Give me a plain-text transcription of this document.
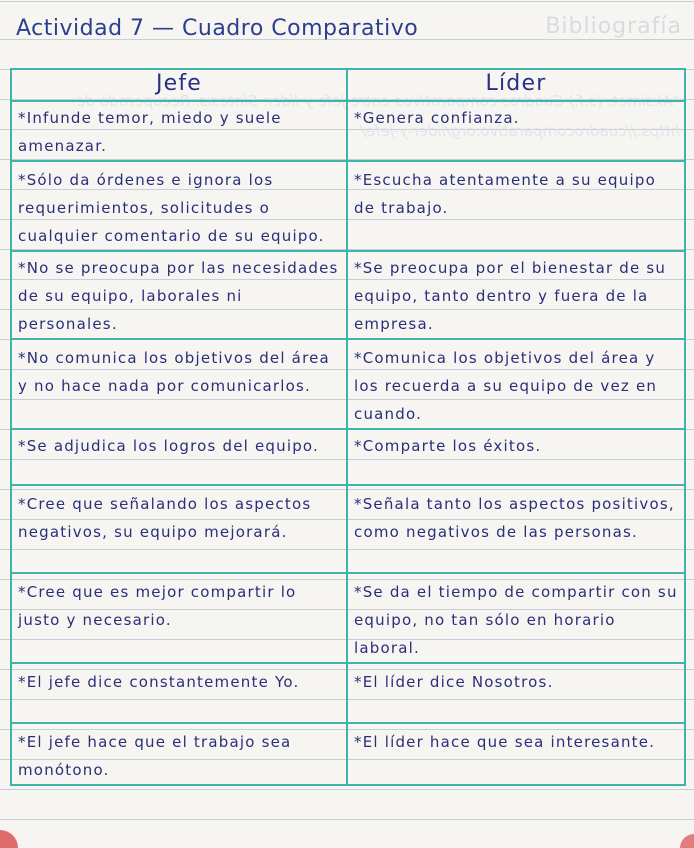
Bibliografía
*Aksimet. (s.f.) Cuadros comparativos entre jefe y líder. Síntesis. Recuperado de https://cuadrocomparativo.org/líder-y-jefe/
Actividad 7 — Cuadro Comparativo
Jefe	Líder
*Infunde temor, miedo y suele amenazar.	*Genera confianza.
*Sólo da órdenes e ignora los requerimientos, solicitudes o cualquier comentario de su equipo.	*Escucha atentamente a su equipo de trabajo.
*No se preocupa por las necesidades de su equipo, laborales ni personales.	*Se preocupa por el bienestar de su equipo, tanto dentro y fuera de la empresa.
*No comunica los objetivos del área y no hace nada por comunicarlos.	*Comunica los objetivos del área y los recuerda a su equipo de vez en cuando.
*Se adjudica los logros del equipo.	*Comparte los éxitos.
*Cree que señalando los aspectos negativos, su equipo mejorará.	*Señala tanto los aspectos positivos, como negativos de las personas.
*Cree que es mejor compartir lo justo y necesario.	*Se da el tiempo de compartir con su equipo, no tan sólo en horario laboral.
*El jefe dice constantemente Yo.	*El líder dice Nosotros.
*El jefe hace que el trabajo sea monótono.	*El líder hace que sea interesante.
